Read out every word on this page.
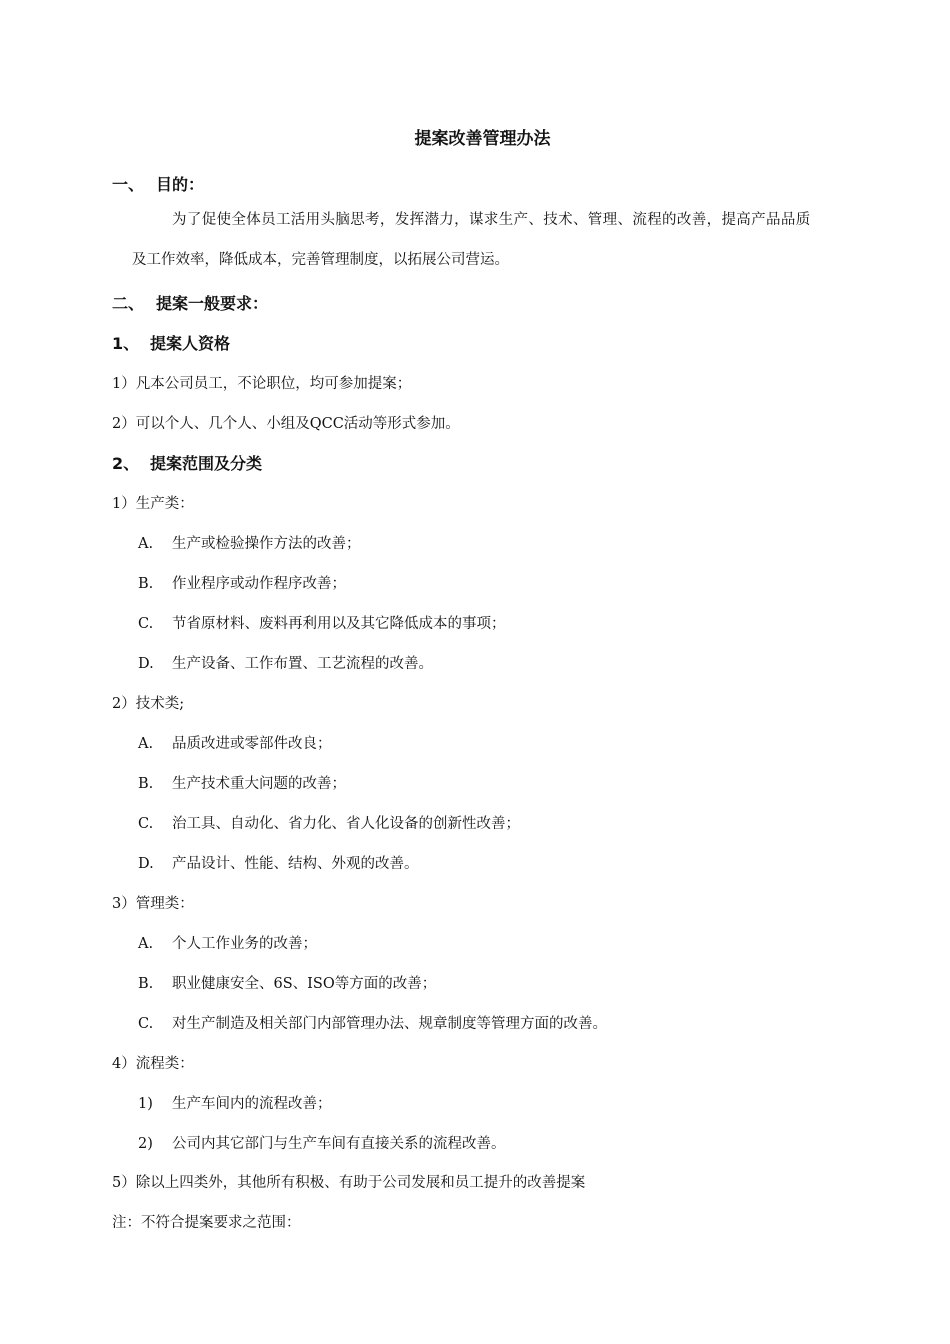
提案改善管理办法
一、 目的：
为了促使全体员工活用头脑思考，发挥潜力，谋求生产、技术、管理、流程的改善，提高产品品质
及工作效率，降低成本，完善管理制度，以拓展公司营运。
二、 提案一般要求：
1、 提案人资格
1）凡本公司员工，不论职位，均可参加提案；
2）可以个人、几个人、小组及QCC活动等形式参加。
2、 提案范围及分类
1）生产类：
A. 生产或检验操作方法的改善；
B. 作业程序或动作程序改善；
C. 节省原材料、废料再利用以及其它降低成本的事项；
D. 生产设备、工作布置、工艺流程的改善。
2）技术类;
A. 品质改进或零部件改良；
B. 生产技术重大问题的改善；
C. 治工具、自动化、省力化、省人化设备的创新性改善；
D. 产品设计、性能、结构、外观的改善。
3）管理类：
A. 个人工作业务的改善；
B. 职业健康安全、6S、ISO等方面的改善；
C. 对生产制造及相关部门内部管理办法、规章制度等管理方面的改善。
4）流程类：
1) 生产车间内的流程改善；
2) 公司内其它部门与生产车间有直接关系的流程改善。
5）除以上四类外，其他所有积极、有助于公司发展和员工提升的改善提案
注：不符合提案要求之范围：
